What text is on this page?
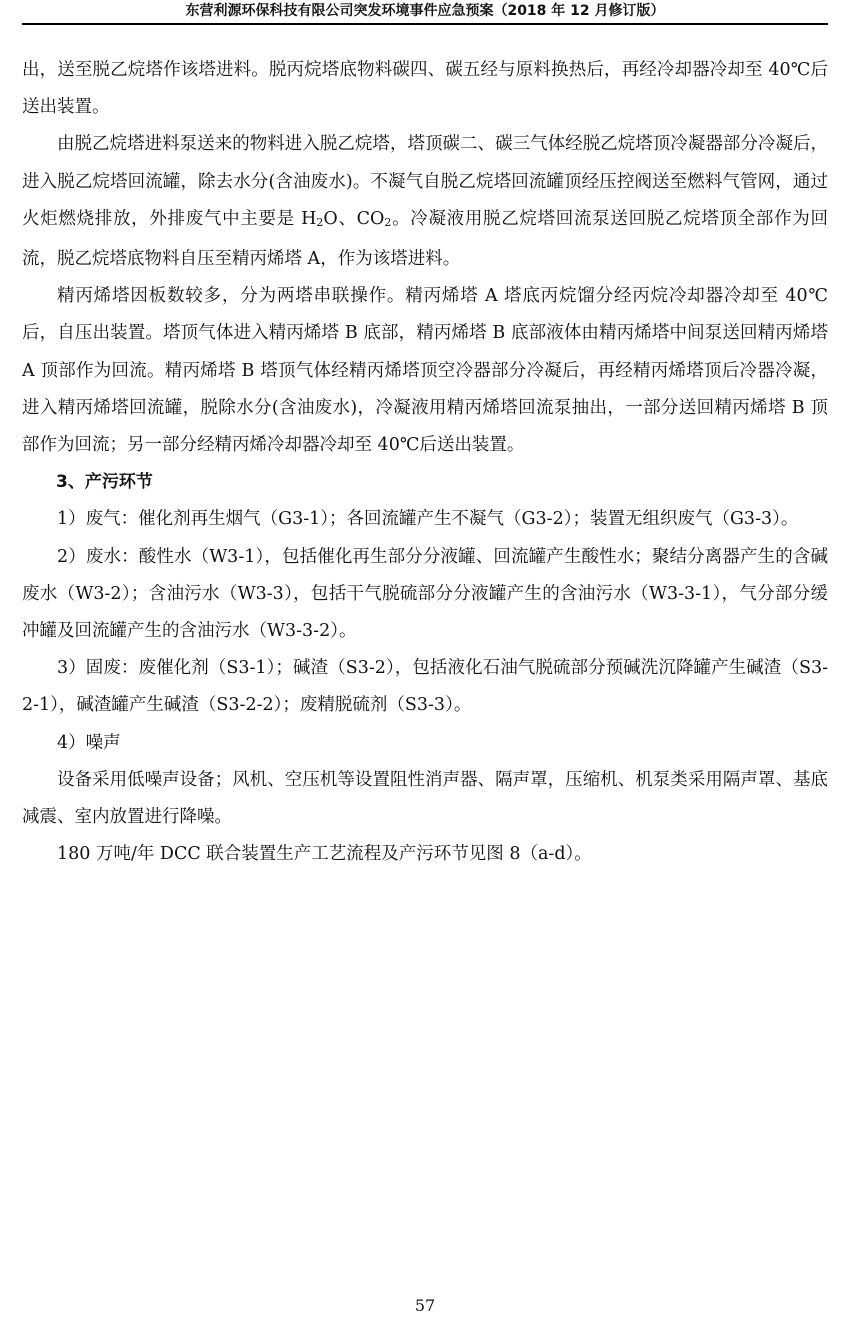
东营利源环保科技有限公司突发环境事件应急预案（2018 年 12 月修订版）

出，送至脱乙烷塔作该塔进料。脱丙烷塔底物料碳四、碳五经与原料换热后，再经冷却器冷却至 40℃后送出装置。

由脱乙烷塔进料泵送来的物料进入脱乙烷塔，塔顶碳二、碳三气体经脱乙烷塔顶冷凝器部分冷凝后，进入脱乙烷塔回流罐，除去水分(含油废水)。不凝气自脱乙烷塔回流罐顶经压控阀送至燃料气管网，通过火炬燃烧排放，外排废气中主要是 $H_2O$、$CO_2$。冷凝液用脱乙烷塔回流泵送回脱乙烷塔顶全部作为回流，脱乙烷塔底物料自压至精丙烯塔 A，作为该塔进料。

精丙烯塔因板数较多，分为两塔串联操作。精丙烯塔 A 塔底丙烷馏分经丙烷冷却器冷却至 40℃后，自压出装置。塔顶气体进入精丙烯塔 B 底部，精丙烯塔 B 底部液体由精丙烯塔中间泵送回精丙烯塔 A 顶部作为回流。精丙烯塔 B 塔顶气体经精丙烯塔顶空冷器部分冷凝后，再经精丙烯塔顶后冷器冷凝，进入精丙烯塔回流罐，脱除水分(含油废水)，冷凝液用精丙烯塔回流泵抽出，一部分送回精丙烯塔 B 顶部作为回流；另一部分经精丙烯冷却器冷却至 40℃后送出装置。

3、产污环节

1）废气：催化剂再生烟气（G3-1）；各回流罐产生不凝气（G3-2）；装置无组织废气（G3-3）。

2）废水：酸性水（W3-1），包括催化再生部分分液罐、回流罐产生酸性水；聚结分离器产生的含碱废水（W3-2）；含油污水（W3-3），包括干气脱硫部分分液罐产生的含油污水（W3-3-1），气分部分缓冲罐及回流罐产生的含油污水（W3-3-2）。

3）固废：废催化剂（S3-1）；碱渣（S3-2），包括液化石油气脱硫部分预碱洗沉降罐产生碱渣（S3-2-1），碱渣罐产生碱渣（S3-2-2）；废精脱硫剂（S3-3）。

4）噪声

设备采用低噪声设备；风机、空压机等设置阻性消声器、隔声罩，压缩机、机泵类采用隔声罩、基底减震、室内放置进行降噪。

180 万吨/年 DCC 联合装置生产工艺流程及产污环节见图 8（a-d）。

57
